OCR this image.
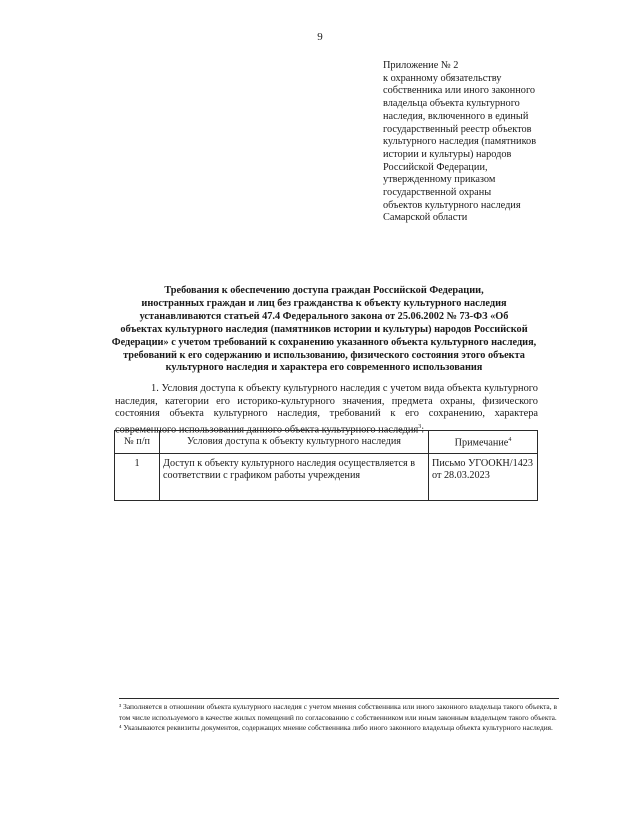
9
Приложение № 2
к охранному обязательству
собственника или иного законного
владельца объекта культурного
наследия, включенного в единый
государственный реестр объектов
культурного наследия (памятников
истории и культуры) народов
Российской Федерации,
утвержденному приказом
государственной охраны
объектов культурного наследия
Самарской области
Требования к обеспечению доступа граждан Российской Федерации,
иностранных граждан и лиц без гражданства к объекту культурного наследия
устанавливаются статьей 47.4 Федерального закона от 25.06.2002 № 73-ФЗ «Об
объектах культурного наследия (памятников истории и культуры) народов Российской
Федерации» с учетом требований к сохранению указанного объекта культурного наследия,
требований к его содержанию и использованию, физического состояния этого объекта
культурного наследия и характера его современного использования
1. Условия доступа к объекту культурного наследия с учетом вида объекта культурного наследия, категории его историко-культурного значения, предмета охраны, физического состояния объекта культурного наследия, требований к его сохранению, характера современного использования данного объекта культурного наследия$^3$:
№ п/п	Условия доступа к объекту культурного наследия	Примечание$^4$
1	Доступ к объекту культурного наследия осуществляется в соответствии с графиком работы учреждения	Письмо УГООКН/1423
от 28.03.2023

³ Заполняется в отношении объекта культурного наследия с учетом мнения собственника или иного законного владельца такого объекта, в том числе используемого в качестве жилых помещений по согласованию с собственником или иным законным владельцем такого объекта.

⁴ Указываются реквизиты документов, содержащих мнение собственника либо иного законного владельца объекта культурного наследия.
